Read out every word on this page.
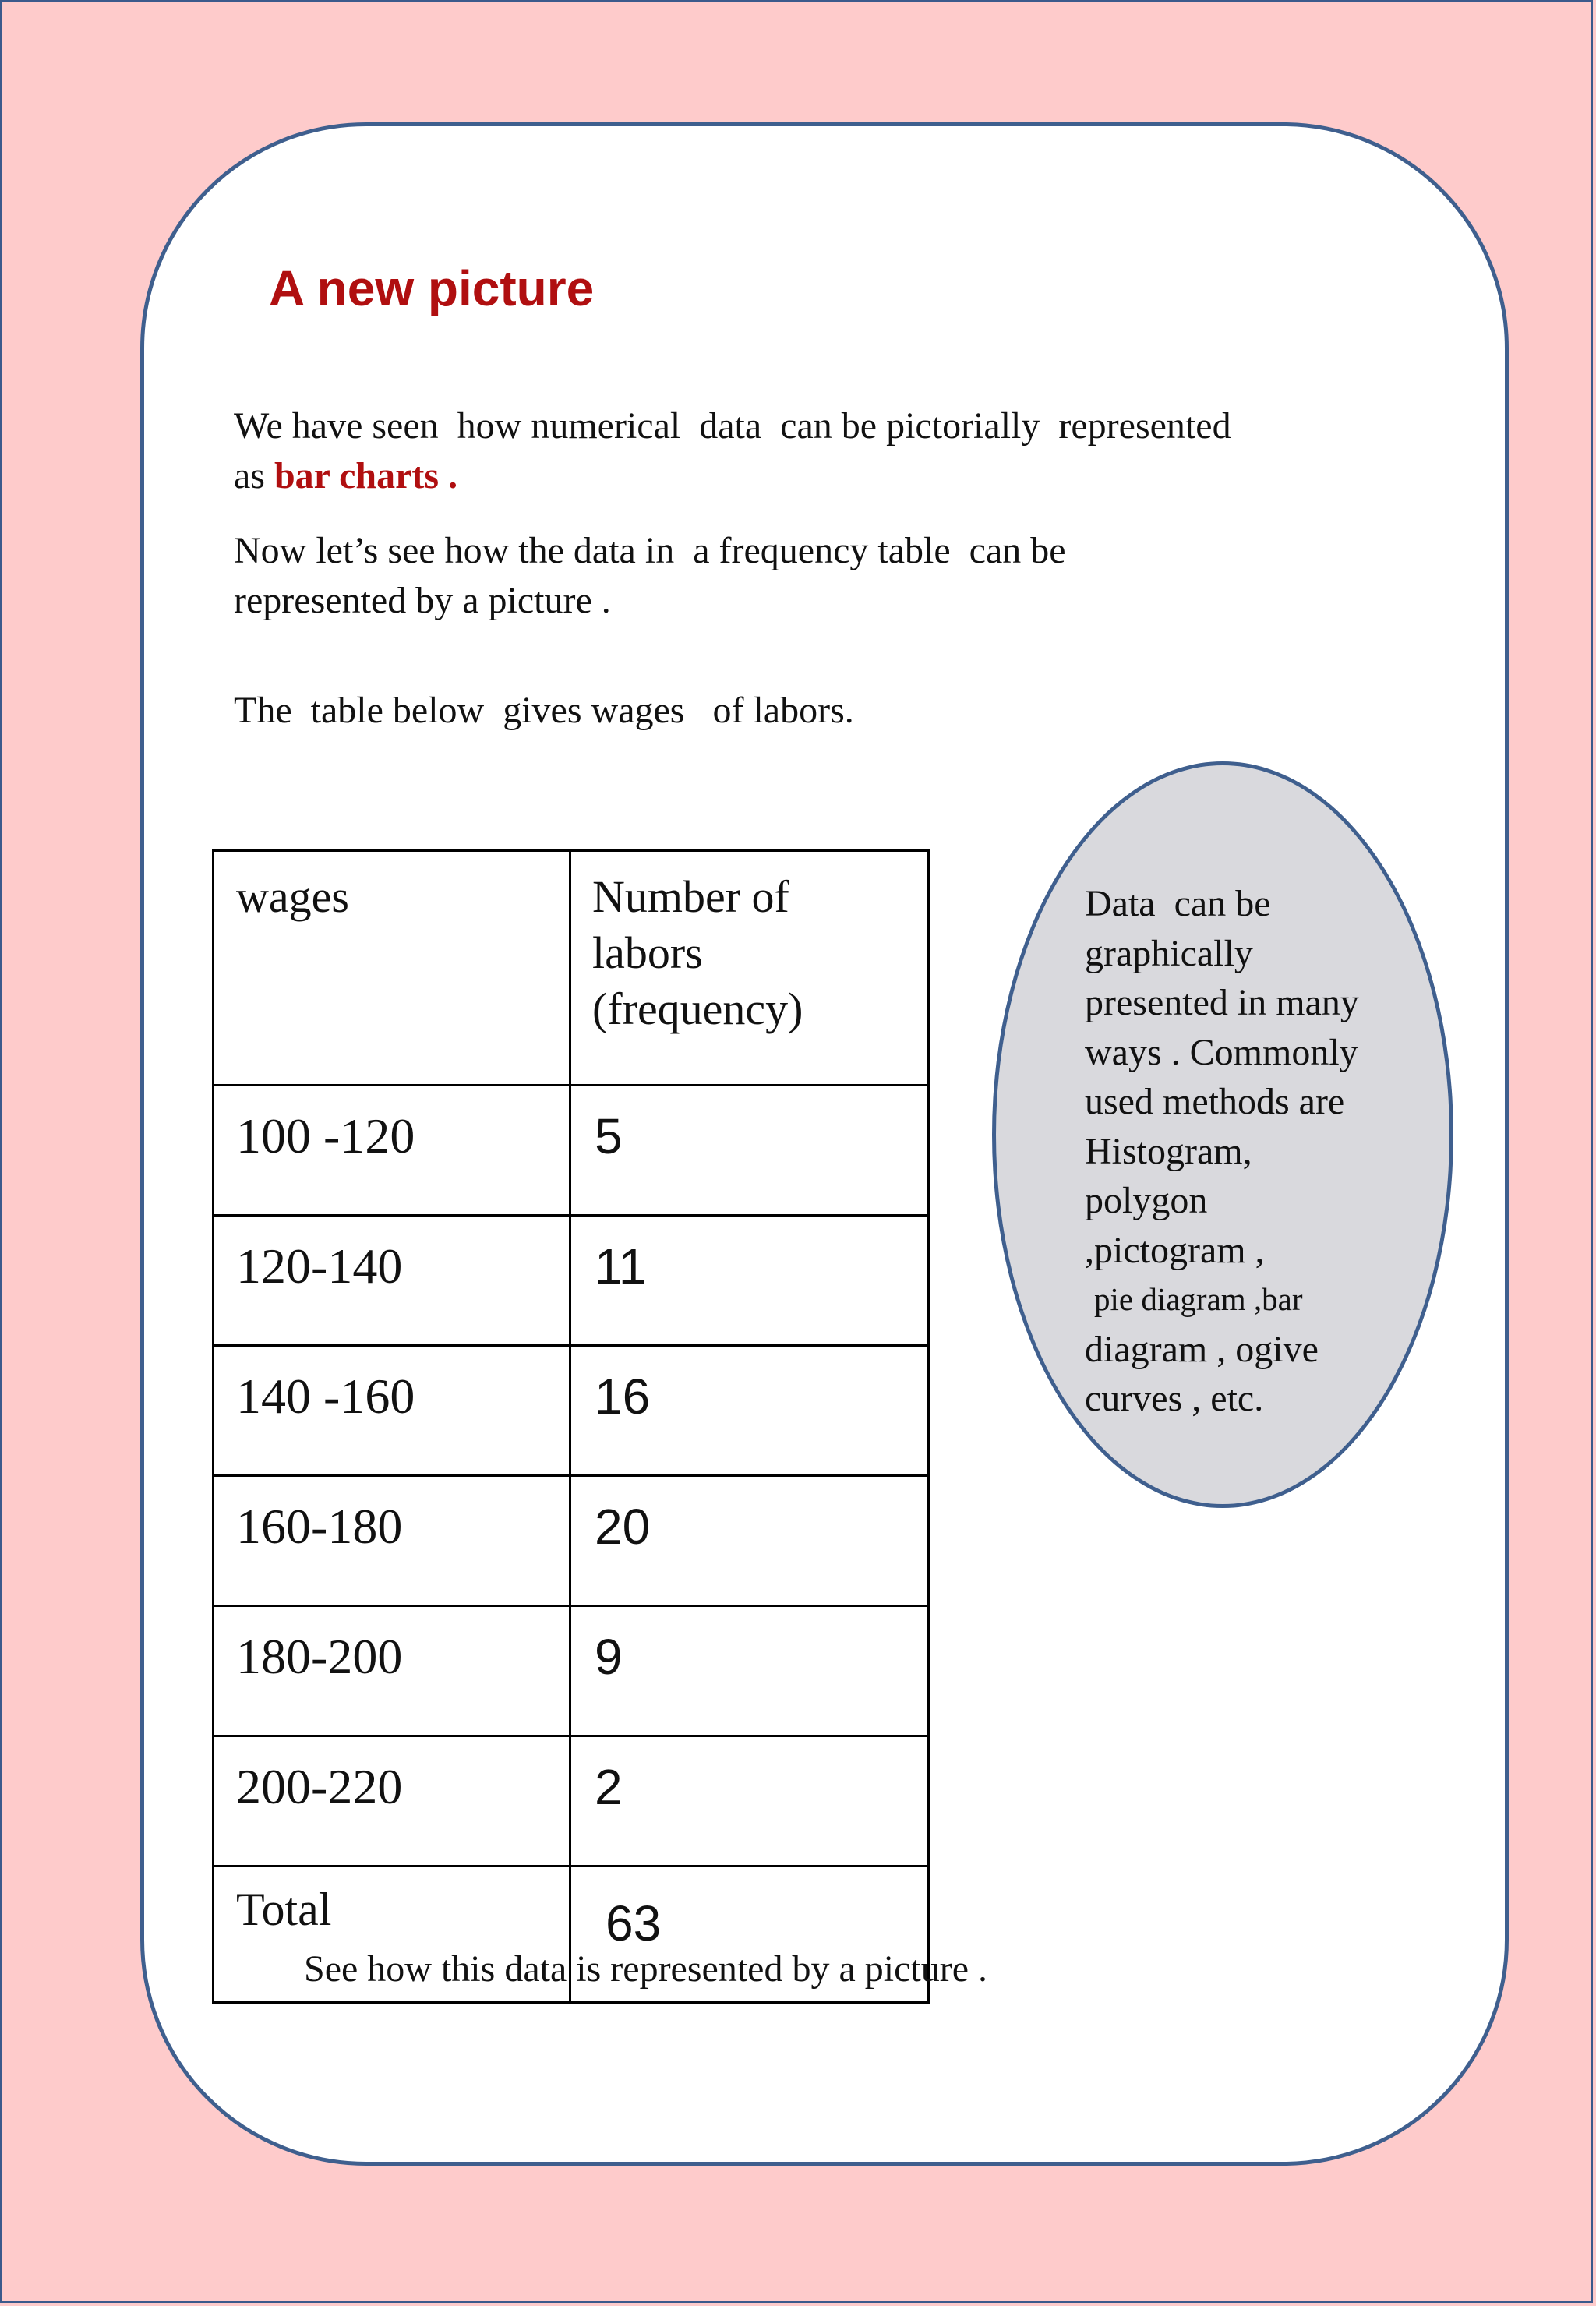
A new picture

We have seen  how numerical  data  can be pictorially  represented
as bar charts .

Now let’s see how the data in  a frequency table  can be
represented by a picture .

The  table below  gives wages   of labors.

wages	Number of labors (frequency)

100 -120	5
120-140	11
140 -160	16
160-180	20
180-200	9
200-220	2
Total	63

Data  can be
graphically
presented in many
ways . Commonly
used methods are
Histogram,
polygon
,pictogram ,
pie diagram ,bar
diagram , ogive
curves , etc.

See how this data is represented by a picture .
